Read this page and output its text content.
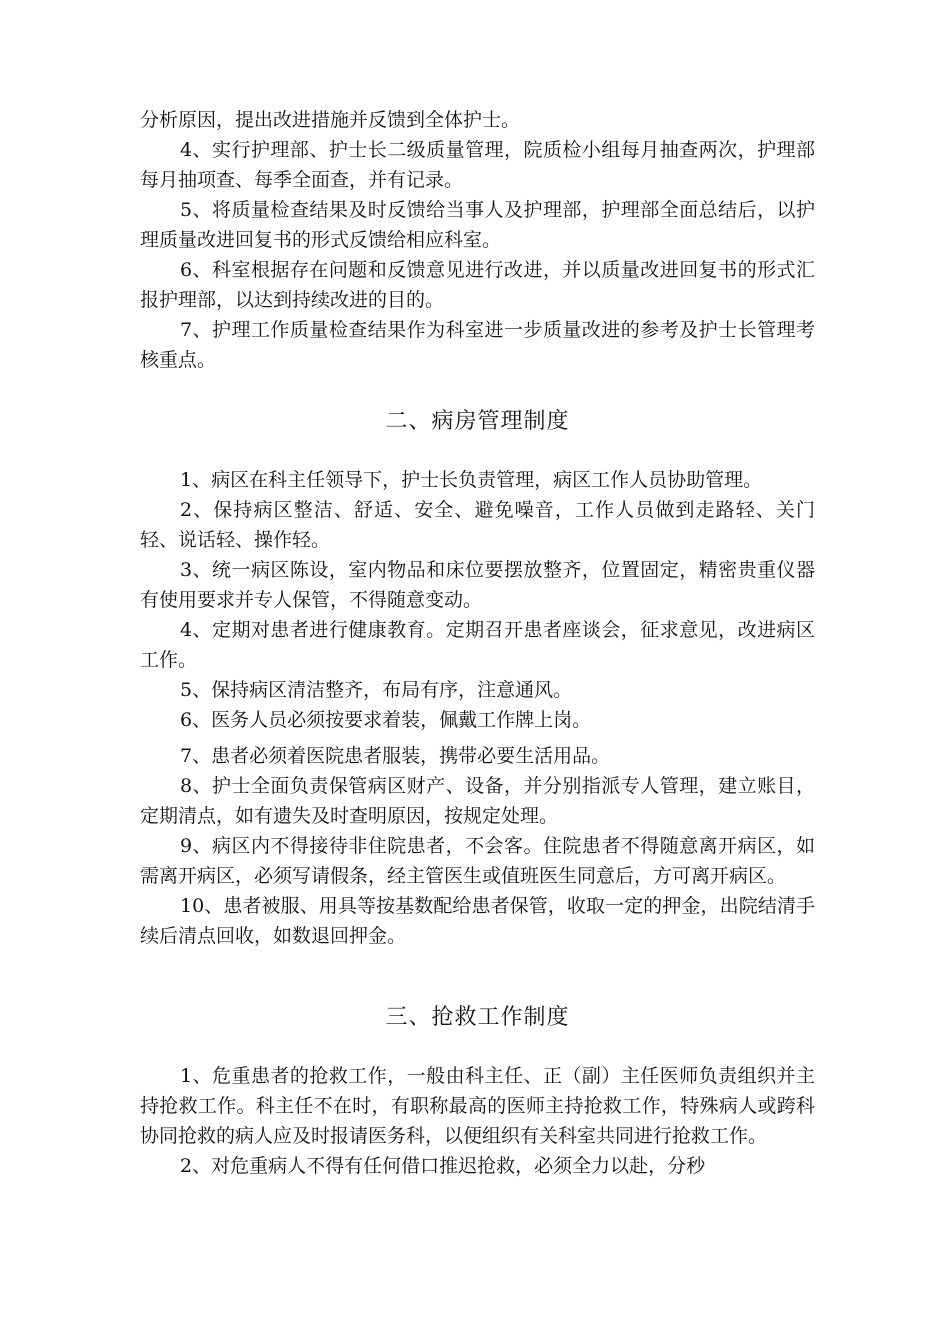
分析原因，提出改进措施并反馈到全体护士。

4、实行护理部、护士长二级质量管理，院质检小组每月抽查两次，护理部每月抽项查、每季全面查，并有记录。

5、将质量检查结果及时反馈给当事人及护理部，护理部全面总结后，以护理质量改进回复书的形式反馈给相应科室。

6、科室根据存在问题和反馈意见进行改进，并以质量改进回复书的形式汇报护理部，以达到持续改进的目的。

7、护理工作质量检查结果作为科室进一步质量改进的参考及护士长管理考核重点。

二、病房管理制度

1、病区在科主任领导下，护士长负责管理，病区工作人员协助管理。

2、保持病区整洁、舒适、安全、避免噪音，工作人员做到走路轻、关门轻、说话轻、操作轻。

3、统一病区陈设，室内物品和床位要摆放整齐，位置固定，精密贵重仪器有使用要求并专人保管，不得随意变动。

4、定期对患者进行健康教育。定期召开患者座谈会，征求意见，改进病区工作。

5、保持病区清洁整齐，布局有序，注意通风。

6、医务人员必须按要求着装，佩戴工作牌上岗。

7、患者必须着医院患者服装，携带必要生活用品。

8、护士全面负责保管病区财产、设备，并分别指派专人管理，建立账目，定期清点，如有遗失及时查明原因，按规定处理。

9、病区内不得接待非住院患者，不会客。住院患者不得随意离开病区，如需离开病区，必须写请假条，经主管医生或值班医生同意后，方可离开病区。

10、患者被服、用具等按基数配给患者保管，收取一定的押金，出院结清手续后清点回收，如数退回押金。

三、抢救工作制度

1、危重患者的抢救工作，一般由科主任、正（副）主任医师负责组织并主持抢救工作。科主任不在时，有职称最高的医师主持抢救工作，特殊病人或跨科协同抢救的病人应及时报请医务科，以便组织有关科室共同进行抢救工作。

2、对危重病人不得有任何借口推迟抢救，必须全力以赴，分秒
